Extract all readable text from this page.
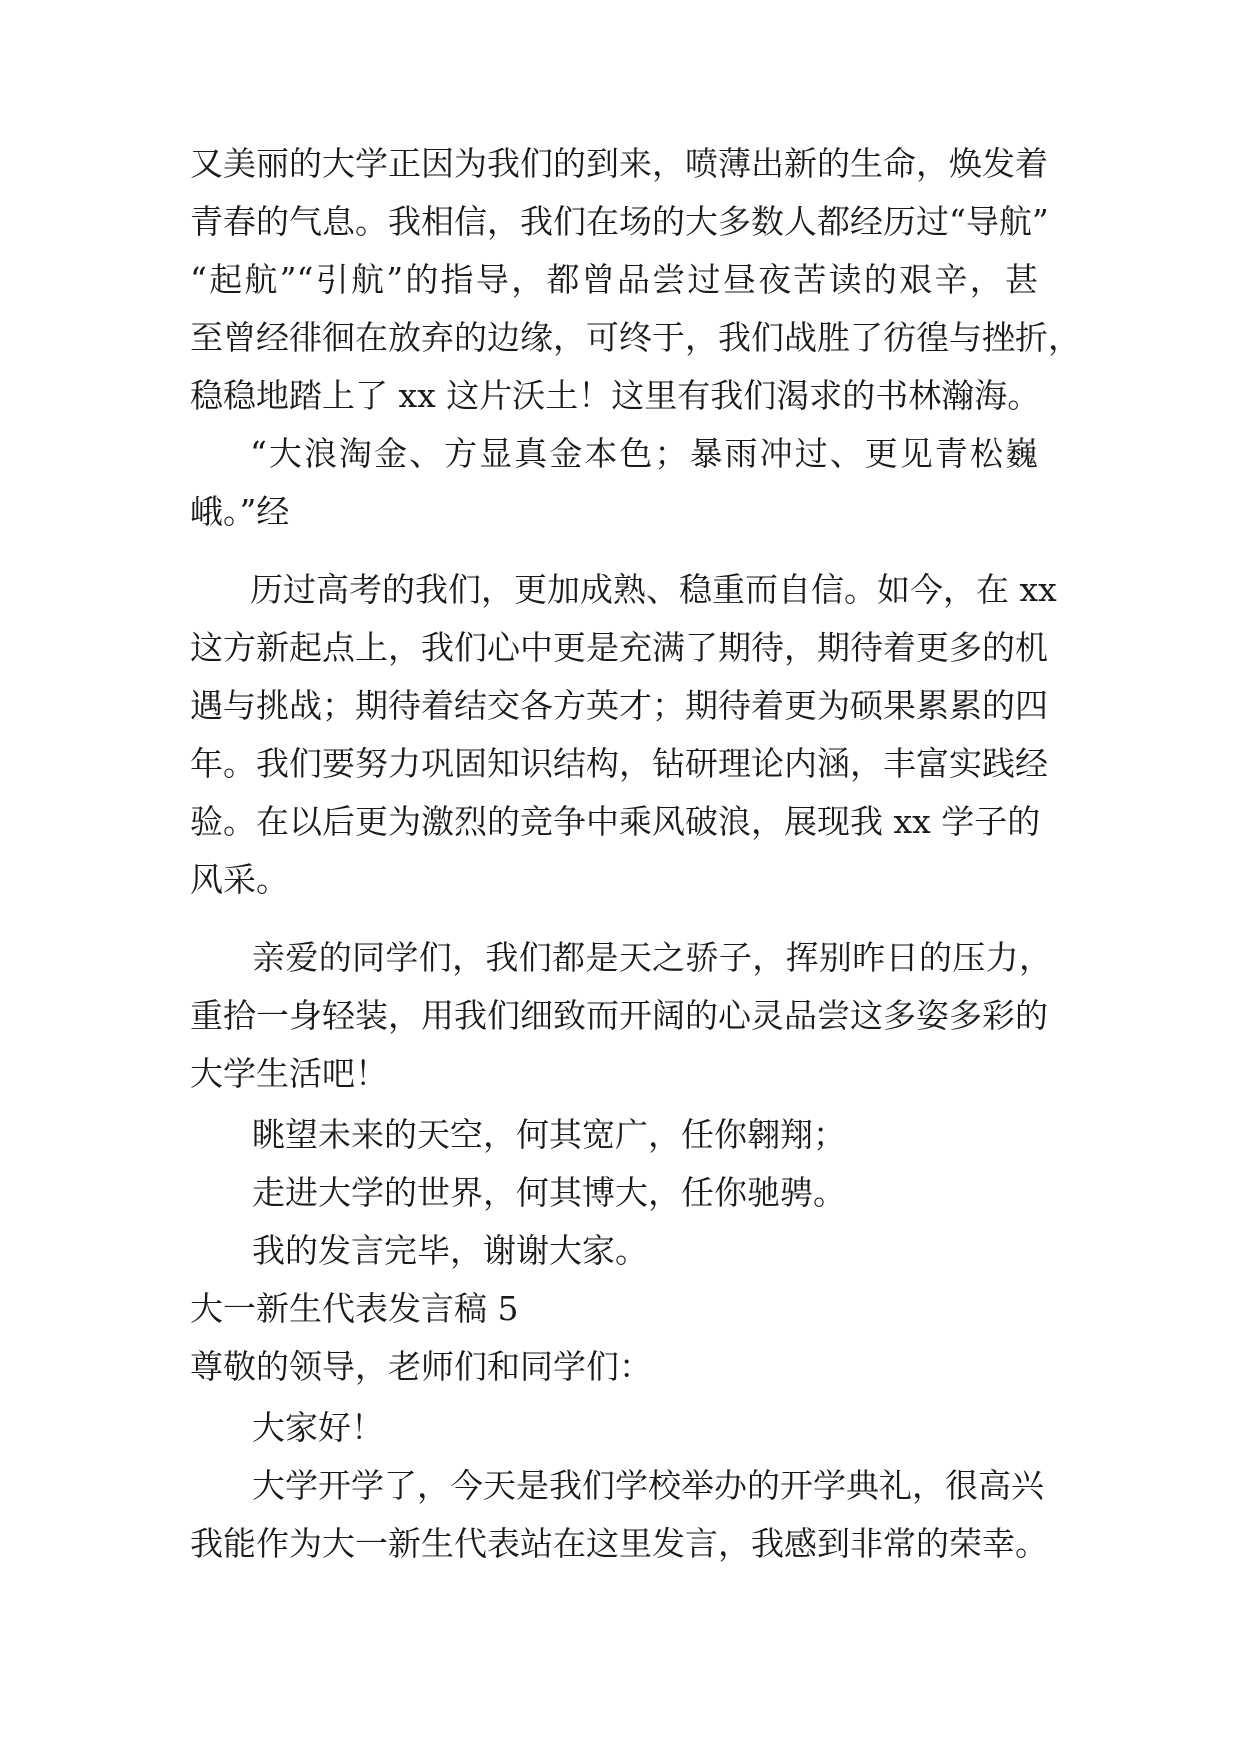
又美丽的大学正因为我们的到来，喷薄出新的生命，焕发着
青春的气息。我相信，我们在场的大多数人都经历过“导航”
“起航”“引航”的指导，都曾品尝过昼夜苦读的艰辛，甚
至曾经徘徊在放弃的边缘，可终于，我们战胜了彷徨与挫折，
稳稳地踏上了 xx 这片沃土！这里有我们渴求的书林瀚海。
“大浪淘金、方显真金本色；暴雨冲过、更见青松巍
峨。”经
历过高考的我们，更加成熟、稳重而自信。如今，在 xx
这方新起点上，我们心中更是充满了期待，期待着更多的机
遇与挑战；期待着结交各方英才；期待着更为硕果累累的四
年。我们要努力巩固知识结构，钻研理论内涵，丰富实践经
验。在以后更为激烈的竞争中乘风破浪，展现我 xx 学子的
风采。
亲爱的同学们，我们都是天之骄子，挥别昨日的压力，
重拾一身轻装，用我们细致而开阔的心灵品尝这多姿多彩的
大学生活吧！
眺望未来的天空，何其宽广，任你翱翔；
走进大学的世界，何其博大，任你驰骋。
我的发言完毕，谢谢大家。
大一新生代表发言稿 5
尊敬的领导，老师们和同学们：
大家好！
大学开学了，今天是我们学校举办的开学典礼，很高兴
我能作为大一新生代表站在这里发言，我感到非常的荣幸。
